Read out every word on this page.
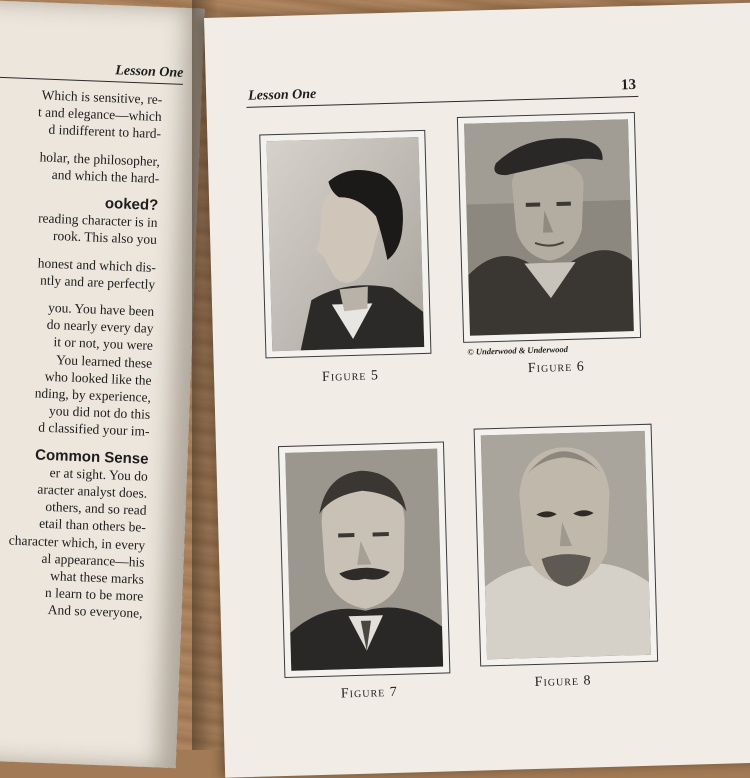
Lesson One
Which is sensitive, re-
t and elegance—which
d indifferent to hard-
holar, the philosopher,
and which the hard-
ooked?
reading character is in
rook. This also you
honest and which dis-
ntly and are perfectly
you. You have been
do nearly every day
it or not, you were
You learned these
who looked like the
nding, by experience,
you did not do this
d classified your im-
Common Sense
er at sight. You do
aracter analyst does.
others, and so read
etail than others be-
character which, in every
al appearance—his
what these marks
n learn to be more
And so everyone,
Lesson One
13
Figure 5
© Underwood & Underwood
Figure 6
Figure 7
Figure 8
